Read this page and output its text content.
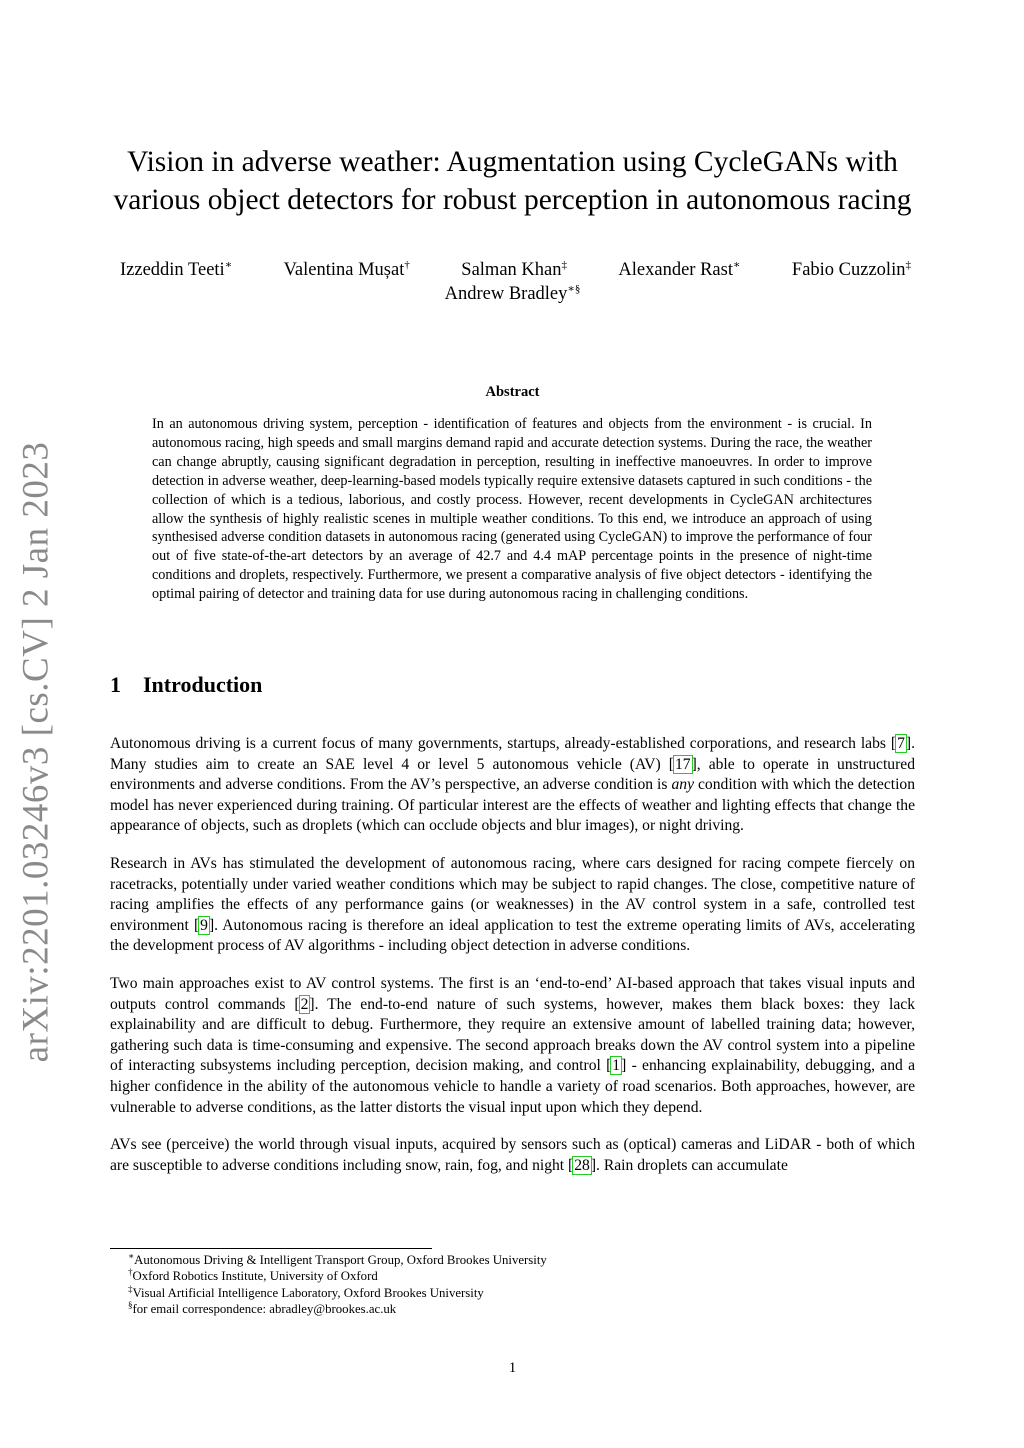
arXiv:2201.03246v3 [cs.CV] 2 Jan 2023
Vision in adverse weather: Augmentation using CycleGANs with
various object detectors for robust perception in autonomous racing
Izzeddin Teeti∗	Valentina Mușat†	Salman Khan‡	Alexander Rast∗	Fabio Cuzzolin‡
Andrew Bradley∗§
Abstract

In an autonomous driving system, perception - identification of features and objects from the environment - is crucial. In autonomous racing, high speeds and small margins demand rapid and accurate detection systems. During the race, the weather can change abruptly, causing significant degradation in perception, resulting in ineffective manoeuvres. In order to improve detection in adverse weather, deep-learning-based models typically require extensive datasets captured in such conditions - the collection of which is a tedious, laborious, and costly process. However, recent developments in CycleGAN architectures allow the synthesis of highly realistic scenes in multiple weather conditions. To this end, we introduce an approach of using synthesised adverse condition datasets in autonomous racing (generated using CycleGAN) to improve the performance of four out of five state-of-the-art detectors by an average of 42.7 and 4.4 mAP percentage points in the presence of night-time conditions and droplets, respectively. Furthermore, we present a comparative analysis of five object detectors - identifying the optimal pairing of detector and training data for use during autonomous racing in challenging conditions.

1 Introduction

Autonomous driving is a current focus of many governments, startups, already-established corporations, and research labs [7]. Many studies aim to create an SAE level 4 or level 5 autonomous vehicle (AV) [17], able to operate in unstructured environments and adverse conditions. From the AV’s perspective, an adverse condition is any condition with which the detection model has never experienced during training. Of particular interest are the effects of weather and lighting effects that change the appearance of objects, such as droplets (which can occlude objects and blur images), or night driving.

Research in AVs has stimulated the development of autonomous racing, where cars designed for racing compete fiercely on racetracks, potentially under varied weather conditions which may be subject to rapid changes. The close, competitive nature of racing amplifies the effects of any performance gains (or weaknesses) in the AV control system in a safe, controlled test environment [9]. Autonomous racing is therefore an ideal application to test the extreme operating limits of AVs, accelerating the development process of AV algorithms - including object detection in adverse conditions.

Two main approaches exist to AV control systems. The first is an ‘end-to-end’ AI-based approach that takes visual inputs and outputs control commands [2]. The end-to-end nature of such systems, however, makes them black boxes: they lack explainability and are difficult to debug. Furthermore, they require an extensive amount of labelled training data; however, gathering such data is time-consuming and expensive. The second approach breaks down the AV control system into a pipeline of interacting subsystems including perception, decision making, and control [1] - enhancing explainability, debugging, and a higher confidence in the ability of the autonomous vehicle to handle a variety of road scenarios. Both approaches, however, are vulnerable to adverse conditions, as the latter distorts the visual input upon which they depend.

AVs see (perceive) the world through visual inputs, acquired by sensors such as (optical) cameras and LiDAR - both of which are susceptible to adverse conditions including snow, rain, fog, and night [28]. Rain droplets can accumulate

∗Autonomous Driving & Intelligent Transport Group, Oxford Brookes University
†Oxford Robotics Institute, University of Oxford
‡Visual Artificial Intelligence Laboratory, Oxford Brookes University
§for email correspondence: abradley@brookes.ac.uk
1
